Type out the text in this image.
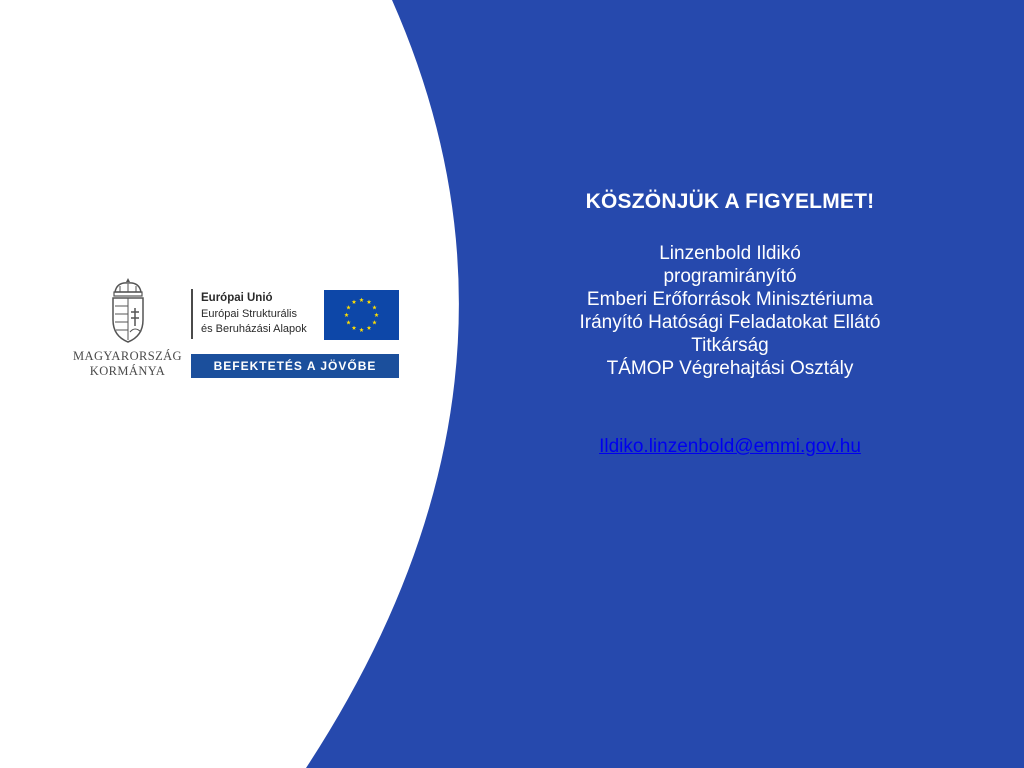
MAGYARORSZÁG
KORMÁNYA
Európai Unió
Európai Strukturális
és Beruházási Alapok
BEFEKTETÉS A JÖVŐBE
KÖSZÖNJÜK A FIGYELMET!
Linzenbold Ildikó
programirányító
Emberi Erőforrások Minisztériuma
Irányító Hatósági Feladatokat Ellátó
Titkárság
TÁMOP Végrehajtási Osztály
Ildiko.linzenbold@emmi.gov.hu
